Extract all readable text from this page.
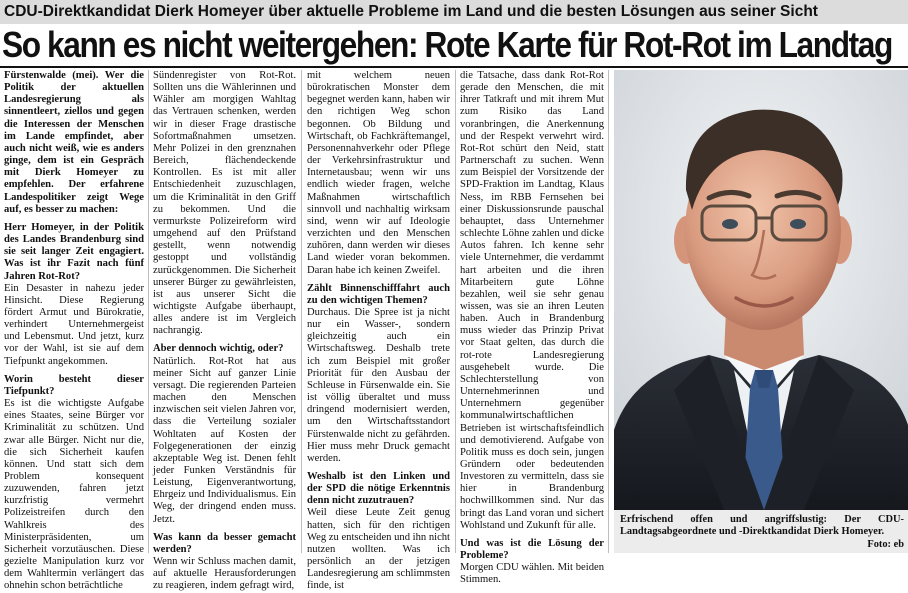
CDU-Direktkandidat Dierk Homeyer über aktuelle Probleme im Land und die besten Lösungen aus seiner Sicht
So kann es nicht weitergehen: Rote Karte für Rot-Rot im Landtag

Fürstenwalde (mei). Wer die Politik der aktuellen Landesregierung als sinnentleert, ziellos und gegen die Interessen der Menschen im Lande empfindet, aber auch nicht weiß, wie es anders ginge, dem ist ein Gespräch mit Dierk Homeyer zu empfehlen. Der erfahrene Landespolitiker zeigt Wege auf, es besser zu machen:

Herr Homeyer, in der Politik des Landes Brandenburg sind sie seit langer Zeit engagiert. Was ist ihr Fazit nach fünf Jahren Rot-Rot?

Ein Desaster in nahezu jeder Hinsicht. Diese Regierung fördert Armut und Bürokratie, verhindert Unternehmergeist und Lebensmut. Und jetzt, kurz vor der Wahl, ist sie auf dem Tiefpunkt angekommen.

Worin besteht dieser Tiefpunkt?

Es ist die wichtigste Aufgabe eines Staates, seine Bürger vor Kriminalität zu schützen. Und zwar alle Bürger. Nicht nur die, die sich Sicherheit kaufen können. Und statt sich dem Problem konsequent zuzuwenden, fahren jetzt kurzfristig vermehrt Polizeistreifen durch den Wahlkreis des Ministerpräsidenten, um Sicherheit vorzutäuschen. Diese gezielte Manipulation kurz vor dem Wahltermin verlängert das ohnehin schon beträchtliche

Sündenregister von Rot-Rot. Sollten uns die Wählerinnen und Wähler am morgigen Wahltag das Vertrauen schenken, werden wir in dieser Frage drastische Sofortmaßnahmen umsetzen. Mehr Polizei in den grenznahen Bereich, flächendeckende Kontrollen. Es ist mit aller Entschiedenheit zuzuschlagen, um die Kriminalität in den Griff zu bekommen. Und die vermurkste Polizeireform wird umgehend auf den Prüfstand gestellt, wenn notwendig gestoppt und vollständig zurückgenommen. Die Sicherheit unserer Bürger zu gewährleisten, ist aus unserer Sicht die wichtigste Aufgabe überhaupt, alles andere ist im Vergleich nachrangig.

Aber dennoch wichtig, oder?

Natürlich. Rot-Rot hat aus meiner Sicht auf ganzer Linie versagt. Die regierenden Parteien machen den Menschen inzwischen seit vielen Jahren vor, dass die Verteilung sozialer Wohltaten auf Kosten der Folgegenerationen der einzig akzeptable Weg ist. Denen fehlt jeder Funken Verständnis für Leistung, Eigenverantwortung, Ehrgeiz und Individualismus. Ein Weg, der dringend enden muss. Jetzt.

Was kann da besser gemacht werden?

Wenn wir Schluss machen damit, auf aktuelle Herausforderungen zu reagieren, indem gefragt wird,

mit welchem neuen bürokratischen Monster dem begegnet werden kann, haben wir den richtigen Weg schon begonnen. Ob Bildung und Wirtschaft, ob Fachkräftemangel, Personennahverkehr oder Pflege der Verkehrsinfrastruktur und Internetausbau; wenn wir uns endlich wieder fragen, welche Maßnahmen wirtschaftlich sinnvoll und nachhaltig wirksam sind, wenn wir auf Ideologie verzichten und den Menschen zuhören, dann werden wir dieses Land wieder voran bekommen. Daran habe ich keinen Zweifel.

Zählt Binnenschifffahrt auch zu den wichtigen Themen?

Durchaus. Die Spree ist ja nicht nur ein Wasser-, sondern gleichzeitig auch ein Wirtschaftsweg. Deshalb trete ich zum Beispiel mit großer Priorität für den Ausbau der Schleuse in Fürsenwalde ein. Sie ist völlig überaltet und muss dringend modernisiert werden, um den Wirtschaftsstandort Fürstenwalde nicht zu gefährden. Hier muss mehr Druck gemacht werden.

Weshalb ist den Linken und der SPD die nötige Erkenntnis denn nicht zuzutrauen?

Weil diese Leute Zeit genug hatten, sich für den richtigen Weg zu entscheiden und ihn nicht nutzen wollten. Was ich persönlich an der jetzigen Landesregierung am schlimmsten finde, ist

die Tatsache, dass dank Rot-Rot gerade den Menschen, die mit ihrer Tatkraft und mit ihrem Mut zum Risiko das Land voranbringen, die Anerkennung und der Respekt verwehrt wird. Rot-Rot schürt den Neid, statt Partnerschaft zu suchen. Wenn zum Beispiel der Vorsitzende der SPD-Fraktion im Landtag, Klaus Ness, im RBB Fernsehen bei einer Diskussionsrunde pauschal behauptet, dass Unternehmer schlechte Löhne zahlen und dicke Autos fahren. Ich kenne sehr viele Unternehmer, die verdammt hart arbeiten und die ihren Mitarbeitern gute Löhne bezahlen, weil sie sehr genau wissen, was sie an ihren Leuten haben. Auch in Brandenburg muss wieder das Prinzip Privat vor Staat gelten, das durch die rot-rote Landesregierung ausgehebelt wurde. Die Schlechterstellung von Unternehmerinnen und Unternehmern gegenüber kommunalwirtschaftlichen Betrieben ist wirtschaftsfeindlich und demotivierend. Aufgabe von Politik muss es doch sein, jungen Gründern oder bedeutenden Investoren zu vermitteln, dass sie hier in Brandenburg hochwillkommen sind. Nur das bringt das Land voran und sichert Wohlstand und Zukunft für alle.

Und was ist die Lösung der Probleme?

Morgen CDU wählen. Mit beiden Stimmen.

Erfrischend offen und angriffslustig: Der CDU-Landtagsabgeordnete und -Direktkandidat Dierk Homeyer.
Foto: eb
